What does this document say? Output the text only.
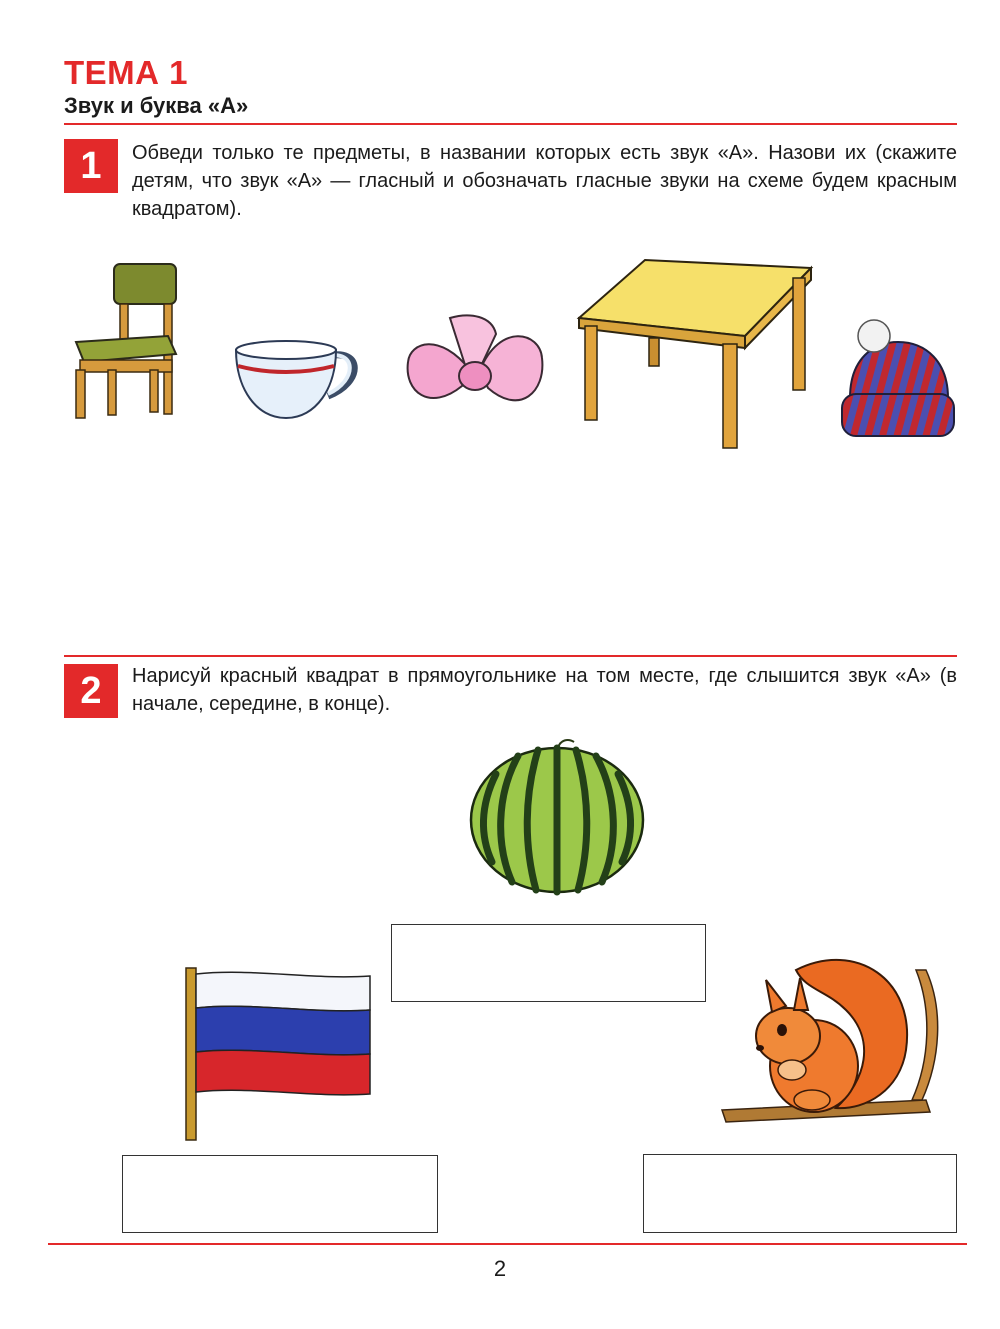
ТЕМА 1
Звук и буква «А»
1	Обведи только те предметы, в названии которых есть звук «А». Назови их (скажите детям, что звук «А» — гласный и обозначать гласные звуки на схеме будем красным квадратом).
2	Нарисуй красный квадрат в прямоугольнике на том месте, где слышится звук «А» (в начале, середине, в конце).
2
